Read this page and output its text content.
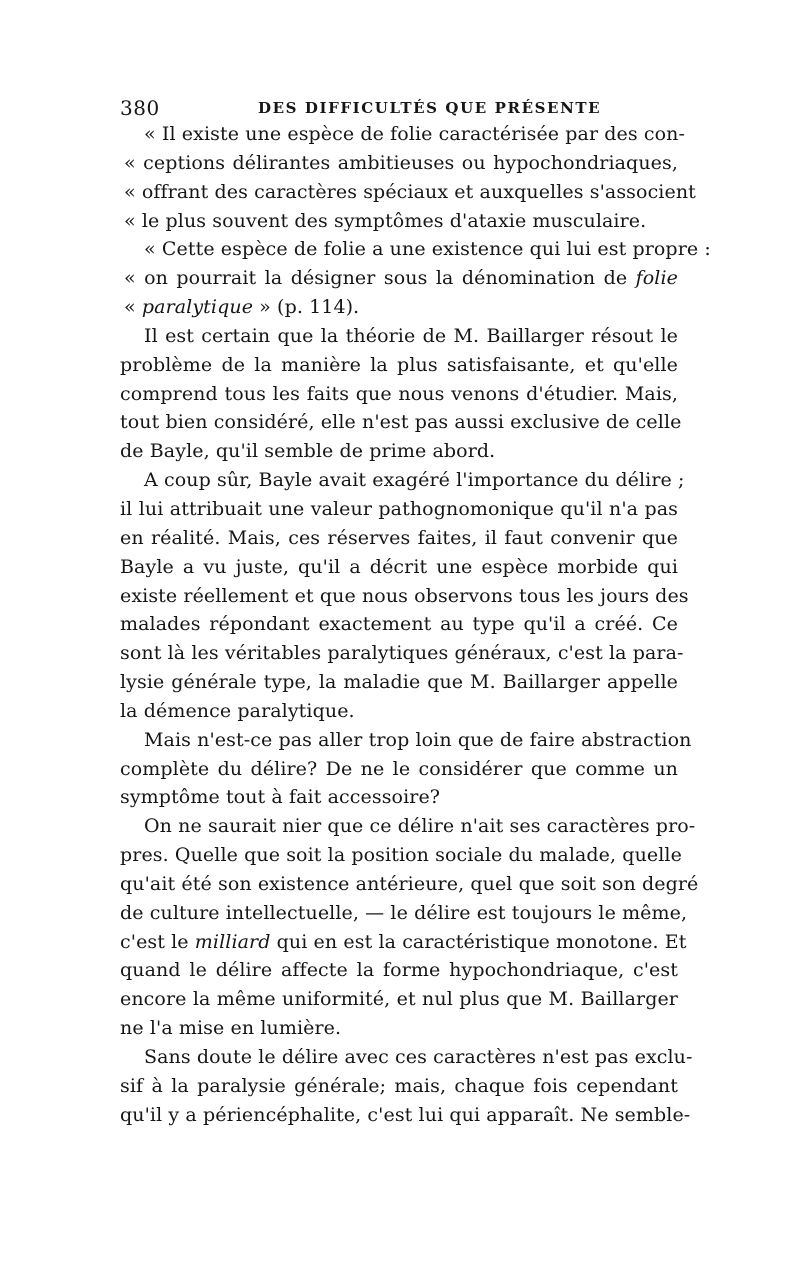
380	DES DIFFICULTÉS QUE PRÉSENTE
« Il existe une espèce de folie caractérisée par des con-
« ceptions délirantes ambitieuses ou hypochondriaques,
« offrant des caractères spéciaux et auxquelles s'associent
« le plus souvent des symptômes d'ataxie musculaire.
« Cette espèce de folie a une existence qui lui est propre :
« on pourrait la désigner sous la dénomination de folie
« paralytique » (p. 114).
Il est certain que la théorie de M. Baillarger résout le
problème de la manière la plus satisfaisante, et qu'elle
comprend tous les faits que nous venons d'étudier. Mais,
tout bien considéré, elle n'est pas aussi exclusive de celle
de Bayle, qu'il semble de prime abord.
A coup sûr, Bayle avait exagéré l'importance du délire ;
il lui attribuait une valeur pathognomonique qu'il n'a pas
en réalité. Mais, ces réserves faites, il faut convenir que
Bayle a vu juste, qu'il a décrit une espèce morbide qui
existe réellement et que nous observons tous les jours des
malades répondant exactement au type qu'il a créé. Ce
sont là les véritables paralytiques généraux, c'est la para-
lysie générale type, la maladie que M. Baillarger appelle
la démence paralytique.
Mais n'est-ce pas aller trop loin que de faire abstraction
complète du délire? De ne le considérer que comme un
symptôme tout à fait accessoire?
On ne saurait nier que ce délire n'ait ses caractères pro-
pres. Quelle que soit la position sociale du malade, quelle
qu'ait été son existence antérieure, quel que soit son degré
de culture intellectuelle, — le délire est toujours le même,
c'est le milliard qui en est la caractéristique monotone. Et
quand le délire affecte la forme hypochondriaque, c'est
encore la même uniformité, et nul plus que M. Baillarger
ne l'a mise en lumière.
Sans doute le délire avec ces caractères n'est pas exclu-
sif à la paralysie générale; mais, chaque fois cependant
qu'il y a périencéphalite, c'est lui qui apparaît. Ne semble-
